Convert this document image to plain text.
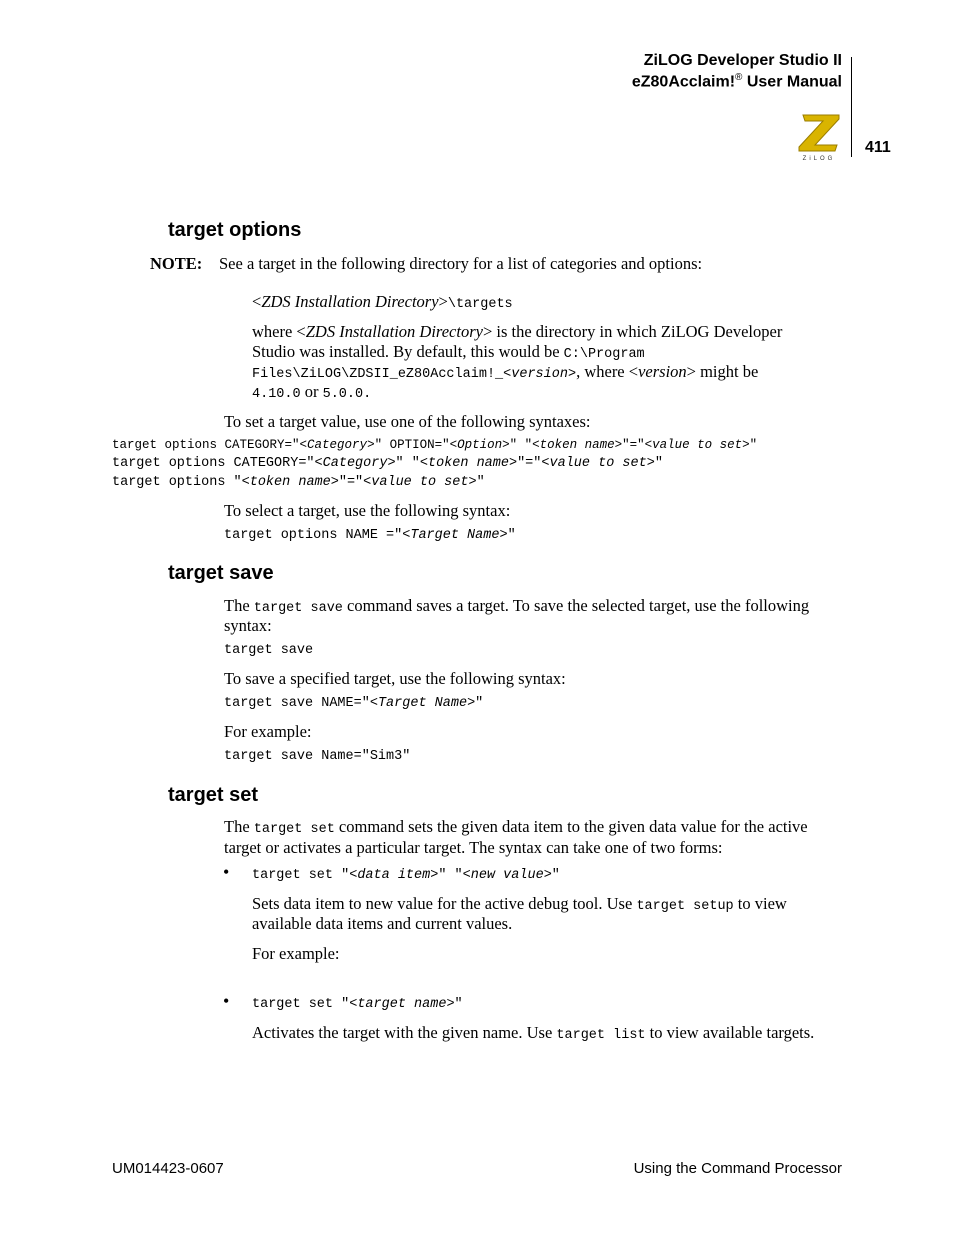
ZiLOG Developer Studio II
eZ80Acclaim!® User Manual
ZiLOG
411
target options
NOTE: See a target in the following directory for a list of categories and options:
<ZDS Installation Directory>\targets
where <ZDS Installation Directory> is the directory in which ZiLOG Developer
Studio was installed. By default, this would be C:\Program
Files\ZiLOG\ZDSII_eZ80Acclaim!_<version>, where <version> might be
4.10.0 or 5.0.0.
To set a target value, use one of the following syntaxes:
target options CATEGORY="<Category>" OPTION="<Option>" "<token name>"="<value to set>"
target options CATEGORY="<Category>" "<token name>"="<value to set>"
target options "<token name>"="<value to set>"
To select a target, use the following syntax:
target options NAME ="<Target Name>"
target save
The target save command saves a target. To save the selected target, use the following
syntax:
target save
To save a specified target, use the following syntax:
target save NAME="<Target Name>"
For example:
target save Name="Sim3"
target set
The target set command sets the given data item to the given data value for the active
target or activates a particular target. The syntax can take one of two forms:
• target set "<data item>" "<new value>"
Sets data item to new value for the active debug tool. Use target setup to view
available data items and current values.
For example:
• target set "<target name>"
Activates the target with the given name. Use target list to view available targets.
UM014423-0607	Using the Command Processor
